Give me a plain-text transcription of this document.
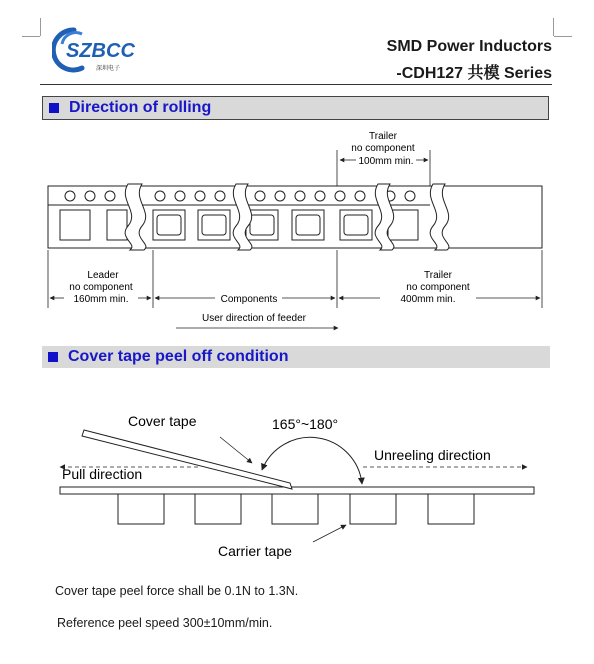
SZBCC
深圳电子
SMD Power Inductors
-CDH127 共模 Series
Direction of rolling
Trailer
no component
100mm min.
Leader
no component
160mm min.	Components
Trailer
no component
400mm min.
User direction of feeder
Cover tape peel off condition
Cover tape	165°~180°
Unreeling direction
Pull direction
Carrier tape
Cover tape peel force shall be 0.1N to 1.3N.
Reference peel speed 300±10mm/min.
